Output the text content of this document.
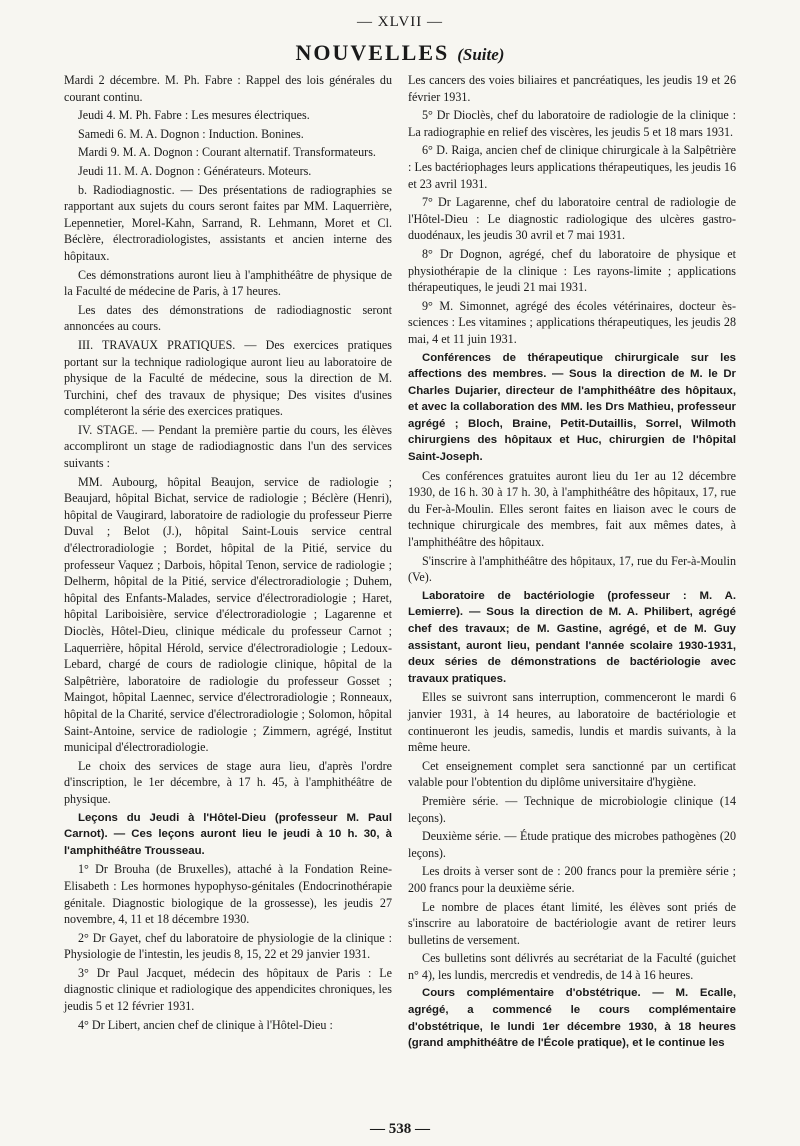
— XLVII —
NOUVELLES (Suite)

Mardi 2 décembre. M. Ph. Fabre : Rappel des lois générales du courant continu.

Jeudi 4. M. Ph. Fabre : Les mesures électriques.

Samedi 6. M. A. Dognon : Induction. Bonines.

Mardi 9. M. A. Dognon : Courant alternatif. Transformateurs.

Jeudi 11. M. A. Dognon : Générateurs. Moteurs.

b. Radiodiagnostic. — Des présentations de radiographies se rapportant aux sujets du cours seront faites par MM. Laquerrière, Lepennetier, Morel-Kahn, Sarrand, R. Lehmann, Moret et Cl. Béclère, électroradiologistes, assistants et ancien interne des hôpitaux.

Ces démonstrations auront lieu à l'amphithéâtre de physique de la Faculté de médecine de Paris, à 17 heures.

Les dates des démonstrations de radiodiagnostic seront annoncées au cours.

III. TRAVAUX PRATIQUES. — Des exercices pratiques portant sur la technique radiologique auront lieu au laboratoire de physique de la Faculté de médecine, sous la direction de M. Turchini, chef des travaux de physique; Des visites d'usines compléteront la série des exercices pratiques.

IV. STAGE. — Pendant la première partie du cours, les élèves accompliront un stage de radiodiagnostic dans l'un des services suivants :

MM. Aubourg, hôpital Beaujon, service de radiologie ; Beaujard, hôpital Bichat, service de radiologie ; Béclère (Henri), hôpital de Vaugirard, laboratoire de radiologie du professeur Pierre Duval ; Belot (J.), hôpital Saint-Louis service central d'électroradiologie ; Bordet, hôpital de la Pitié, service du professeur Vaquez ; Darbois, hôpital Tenon, service de radiologie ; Delherm, hôpital de la Pitié, service d'électroradiologie ; Duhem, hôpital des Enfants-Malades, service d'électroradiologie ; Haret, hôpital Lariboisière, service d'électroradiologie ; Lagarenne et Dioclès, Hôtel-Dieu, clinique médicale du professeur Carnot ; Laquerrière, hôpital Hérold, service d'électroradiologie ; Ledoux-Lebard, chargé de cours de radiologie clinique, hôpital de la Salpêtrière, laboratoire de radiologie du professeur Gosset ; Maingot, hôpital Laennec, service d'électroradiologie ; Ronneaux, hôpital de la Charité, service d'électroradiologie ; Solomon, hôpital Saint-Antoine, service de radiologie ; Zimmern, agrégé, Institut municipal d'électroradiologie.

Le choix des services de stage aura lieu, d'après l'ordre d'inscription, le 1er décembre, à 17 h. 45, à l'amphithéâtre de physique.

Leçons du Jeudi à l'Hôtel-Dieu (professeur M. Paul Carnot). — Ces leçons auront lieu le jeudi à 10 h. 30, à l'amphithéâtre Trousseau.

1° Dr Brouha (de Bruxelles), attaché à la Fondation Reine-Elisabeth : Les hormones hypophyso-génitales (Endocrinothérapie génitale. Diagnostic biologique de la grossesse), les jeudis 27 novembre, 4, 11 et 18 décembre 1930.

2° Dr Gayet, chef du laboratoire de physiologie de la clinique : Physiologie de l'intestin, les jeudis 8, 15, 22 et 29 janvier 1931.

3° Dr Paul Jacquet, médecin des hôpitaux de Paris : Le diagnostic clinique et radiologique des appendicites chroniques, les jeudis 5 et 12 février 1931.

4° Dr Libert, ancien chef de clinique à l'Hôtel-Dieu :

Les cancers des voies biliaires et pancréatiques, les jeudis 19 et 26 février 1931.

5° Dr Dioclès, chef du laboratoire de radiologie de la clinique : La radiographie en relief des viscères, les jeudis 5 et 18 mars 1931.

6° D. Raiga, ancien chef de clinique chirurgicale à la Salpêtrière : Les bactériophages leurs applications thérapeutiques, les jeudis 16 et 23 avril 1931.

7° Dr Lagarenne, chef du laboratoire central de radiologie de l'Hôtel-Dieu : Le diagnostic radiologique des ulcères gastro-duodénaux, les jeudis 30 avril et 7 mai 1931.

8° Dr Dognon, agrégé, chef du laboratoire de physique et physiothérapie de la clinique : Les rayons-limite ; applications thérapeutiques, le jeudi 21 mai 1931.

9° M. Simonnet, agrégé des écoles vétérinaires, docteur ès-sciences : Les vitamines ; applications thérapeutiques, les jeudis 28 mai, 4 et 11 juin 1931.

Conférences de thérapeutique chirurgicale sur les affections des membres. — Sous la direction de M. le Dr Charles Dujarier, directeur de l'amphithéâtre des hôpitaux, et avec la collaboration des MM. les Drs Mathieu, professeur agrégé ; Bloch, Braine, Petit-Dutaillis, Sorrel, Wilmoth chirurgiens des hôpitaux et Huc, chirurgien de l'hôpital Saint-Joseph.

Ces conférences gratuites auront lieu du 1er au 12 décembre 1930, de 16 h. 30 à 17 h. 30, à l'amphithéâtre des hôpitaux, 17, rue du Fer-à-Moulin. Elles seront faites en liaison avec le cours de technique chirurgicale des membres, fait aux mêmes dates, à l'amphithéâtre des hôpitaux.

S'inscrire à l'amphithéâtre des hôpitaux, 17, rue du Fer-à-Moulin (Ve).

Laboratoire de bactériologie (professeur : M. A. Lemierre). — Sous la direction de M. A. Philibert, agrégé chef des travaux; de M. Gastine, agrégé, et de M. Guy assistant, auront lieu, pendant l'année scolaire 1930-1931, deux séries de démonstrations de bactériologie avec travaux pratiques.

Elles se suivront sans interruption, commenceront le mardi 6 janvier 1931, à 14 heures, au laboratoire de bactériologie et continueront les jeudis, samedis, lundis et mardis suivants, à la même heure.

Cet enseignement complet sera sanctionné par un certificat valable pour l'obtention du diplôme universitaire d'hygiène.

Première série. — Technique de microbiologie clinique (14 leçons).

Deuxième série. — Étude pratique des microbes pathogènes (20 leçons).

Les droits à verser sont de : 200 francs pour la première série ; 200 francs pour la deuxième série.

Le nombre de places étant limité, les élèves sont priés de s'inscrire au laboratoire de bactériologie avant de retirer leurs bulletins de versement.

Ces bulletins sont délivrés au secrétariat de la Faculté (guichet n° 4), les lundis, mercredis et vendredis, de 14 à 16 heures.

Cours complémentaire d'obstétrique. — M. Ecalle, agrégé, a commencé le cours complémentaire d'obstétrique, le lundi 1er décembre 1930, à 18 heures (grand amphithéâtre de l'École pratique), et le continue les

— 538 —
